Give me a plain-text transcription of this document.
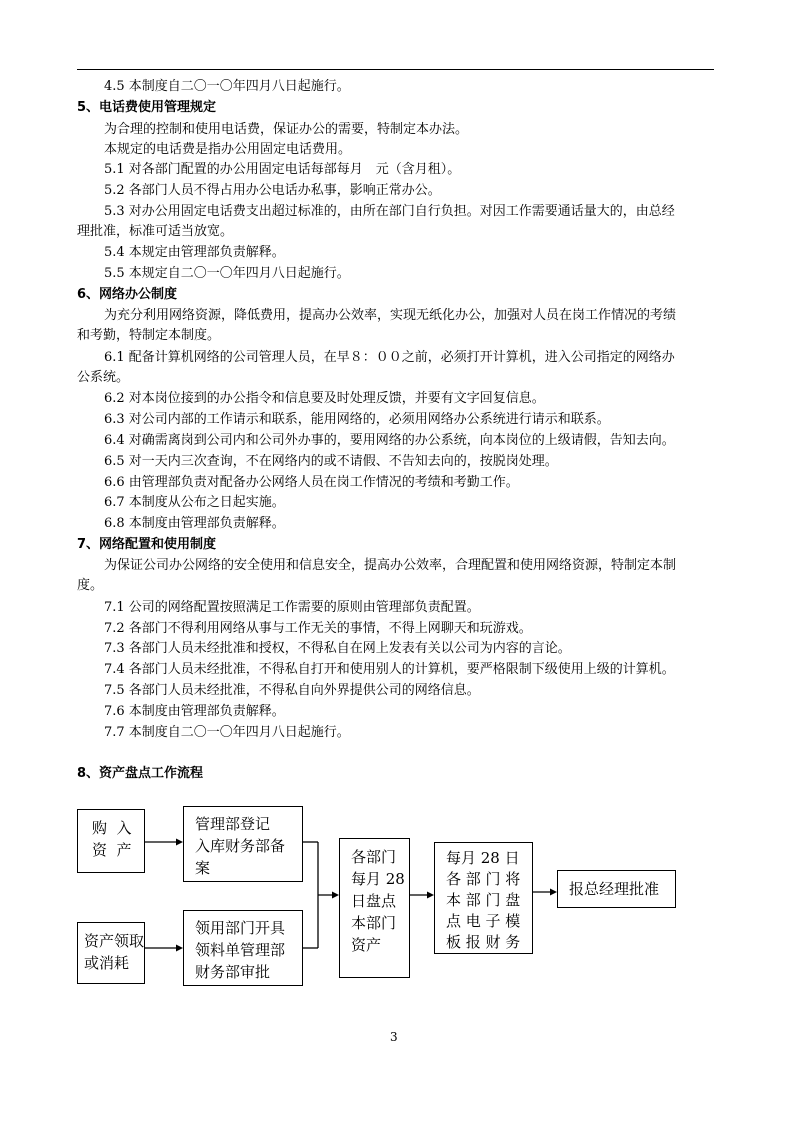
4.5 本制度自二〇一〇年四月八日起施行。
5、电话费使用管理规定
为合理的控制和使用电话费，保证办公的需要，特制定本办法。
本规定的电话费是指办公用固定电话费用。
5.1 对各部门配置的办公用固定电话每部每月　元（含月租）。
5.2 各部门人员不得占用办公电话办私事，影响正常办公。
5.3 对办公用固定电话费支出超过标准的，由所在部门自行负担。对因工作需要通话量大的，由总经
理批准，标准可适当放宽。
5.4 本规定由管理部负责解释。
5.5 本规定自二〇一〇年四月八日起施行。
6、网络办公制度
为充分利用网络资源，降低费用，提高办公效率，实现无纸化办公，加强对人员在岗工作情况的考绩
和考勤，特制定本制度。
6.1 配备计算机网络的公司管理人员，在早８：００之前，必须打开计算机，进入公司指定的网络办
公系统。
6.2 对本岗位接到的办公指令和信息要及时处理反馈，并要有文字回复信息。
6.3 对公司内部的工作请示和联系，能用网络的，必须用网络办公系统进行请示和联系。
6.4 对确需离岗到公司内和公司外办事的，要用网络的办公系统，向本岗位的上级请假，告知去向。
6.5 对一天内三次查询，不在网络内的或不请假、不告知去向的，按脱岗处理。
6.6 由管理部负责对配备办公网络人员在岗工作情况的考绩和考勤工作。
6.7 本制度从公布之日起实施。
6.8 本制度由管理部负责解释。
7、网络配置和使用制度
为保证公司办公网络的安全使用和信息安全，提高办公效率，合理配置和使用网络资源，特制定本制
度。
7.1 公司的网络配置按照满足工作需要的原则由管理部负责配置。
7.2 各部门不得利用网络从事与工作无关的事情，不得上网聊天和玩游戏。
7.3 各部门人员未经批准和授权，不得私自在网上发表有关以公司为内容的言论。
7.4 各部门人员未经批准，不得私自打开和使用别人的计算机，要严格限制下级使用上级的计算机。
7.5 各部门人员未经批准，不得私自向外界提供公司的网络信息。
7.6 本制度由管理部负责解释。
7.7 本制度自二〇一〇年四月八日起施行。
8、资产盘点工作流程
购  入
资  产
管理部登记
入库财务部备
案
资产领取
或消耗
领用部门开具
领料单管理部
财务部审批
各部门
每月 28
日盘点
本部门
资产
每月 28 日
各 部 门 将
本 部 门 盘
点 电 子 模
板 报 财 务
报总经理批准
3
